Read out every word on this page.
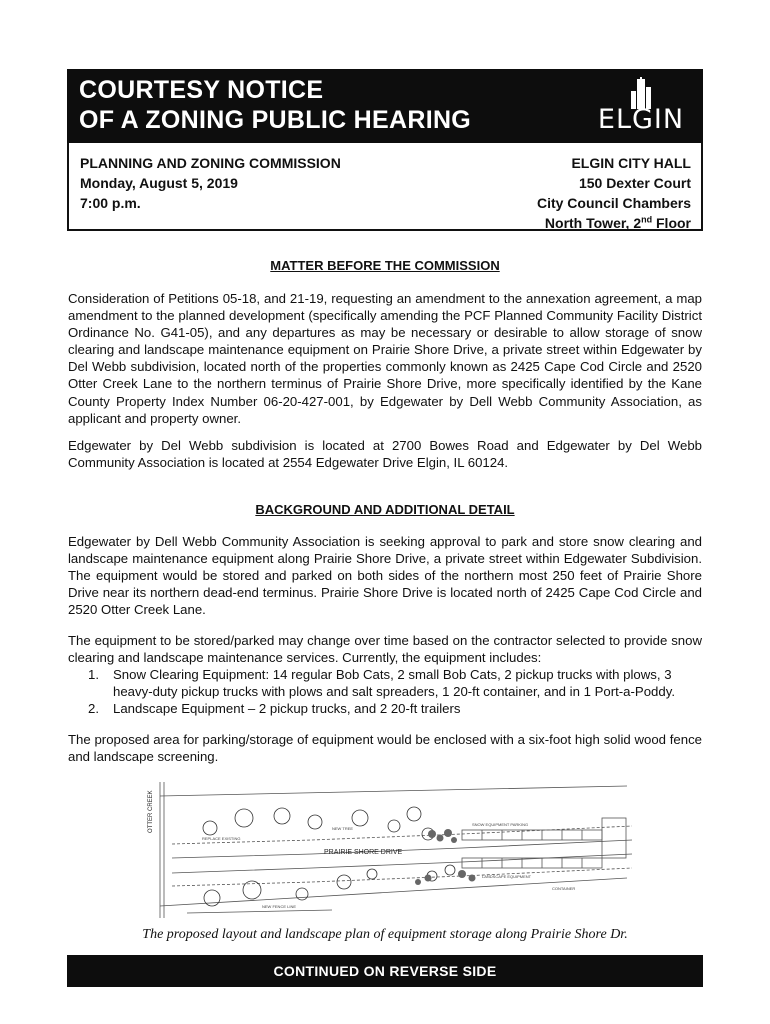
COURTESY NOTICE
OF A ZONING PUBLIC HEARING	ELGIN
PLANNING AND ZONING COMMISSION
Monday, August 5, 2019
7:00 p.m.
ELGIN CITY HALL
150 Dexter Court
City Council Chambers
North Tower, 2nd Floor
MATTER BEFORE THE COMMISSION
Consideration of Petitions 05-18, and 21-19, requesting an amendment to the annexation agreement, a map amendment to the planned development (specifically amending the PCF Planned Community Facility District Ordinance No. G41-05), and any departures as may be necessary or desirable to allow storage of snow clearing and landscape maintenance equipment on Prairie Shore Drive, a private street within Edgewater by Del Webb subdivision, located north of the properties commonly known as 2425 Cape Cod Circle and 2520 Otter Creek Lane to the northern terminus of Prairie Shore Drive, more specifically identified by the Kane County Property Index Number 06-20-427-001, by Edgewater by Dell Webb Community Association, as applicant and property owner.
Edgewater by Del Webb subdivision is located at 2700 Bowes Road and Edgewater by Del Webb Community Association is located at 2554 Edgewater Drive Elgin, IL 60124.
BACKGROUND AND ADDITIONAL DETAIL
Edgewater by Dell Webb Community Association is seeking approval to park and store snow clearing and landscape maintenance equipment along Prairie Shore Drive, a private street within Edgewater Subdivision. The equipment would be stored and parked on both sides of the northern most 250 feet of Prairie Shore Drive near its northern dead-end terminus. Prairie Shore Drive is located north of 2425 Cape Cod Circle and 2520 Otter Creek Lane.
The equipment to be stored/parked may change over time based on the contractor selected to provide snow clearing and landscape maintenance services. Currently, the equipment includes:
1. Snow Clearing Equipment: 14 regular Bob Cats, 2 small Bob Cats, 2 pickup trucks with plows, 3 heavy-duty pickup trucks with plows and salt spreaders, 1 20-ft container, and in 1 Port-a-Poddy.
2. Landscape Equipment – 2 pickup trucks, and 2 20-ft trailers
The proposed area for parking/storage of equipment would be enclosed with a six-foot high solid wood fence and landscape screening.
REPLACE EXISTING
NEW TREE
SNOW EQUIPMENT PARKING
LANDSCAPE EQUIPMENT
NEW FENCE LINE
CONTAINER
PRAIRIE SHORE DRIVE
OTTER CREEK
The proposed layout and landscape plan of equipment storage along Prairie Shore Dr.
CONTINUED ON REVERSE SIDE
